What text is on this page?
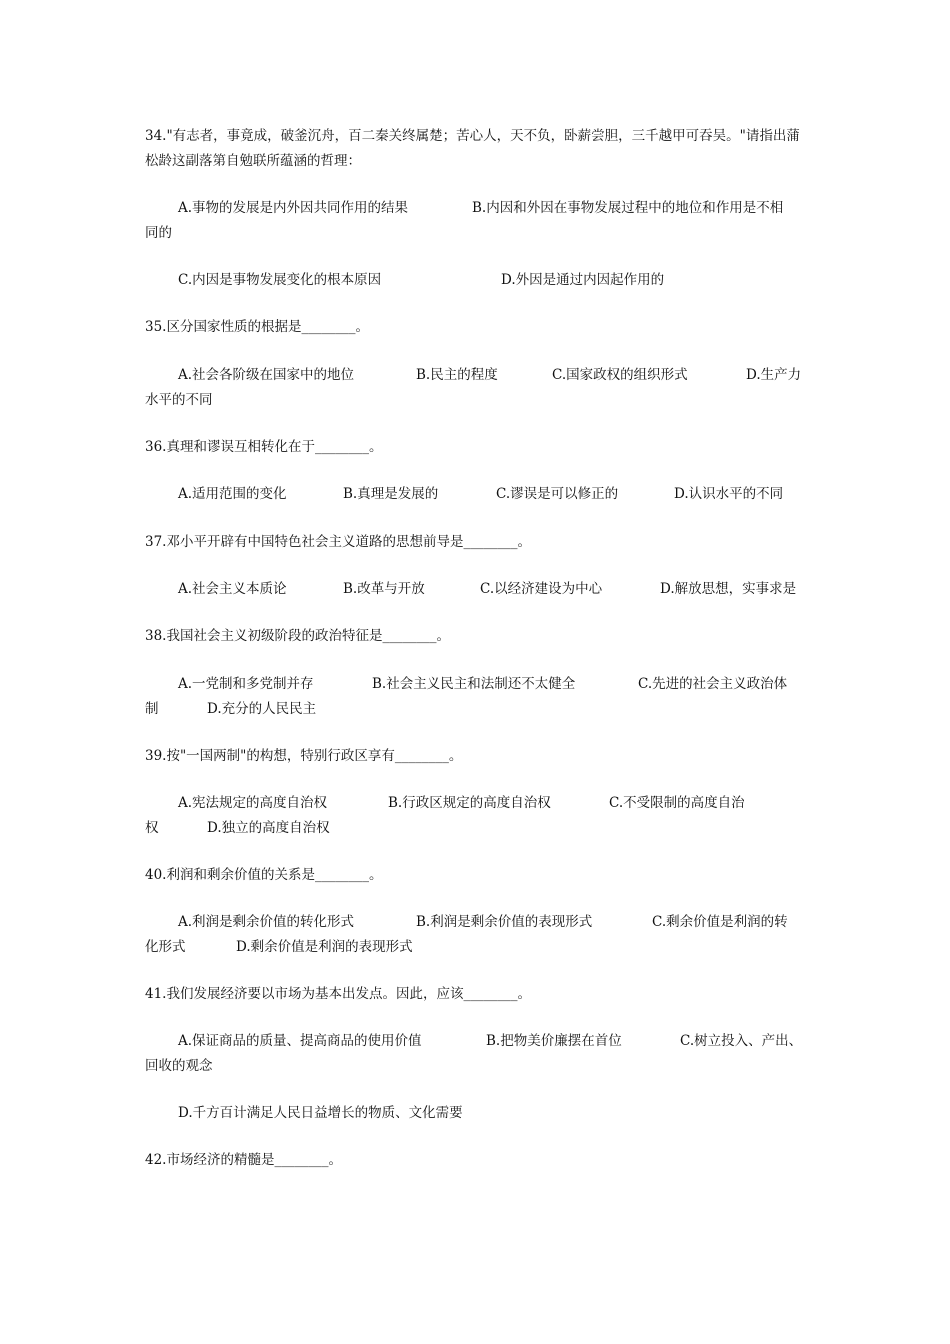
34."有志者，事竟成，破釜沉舟，百二秦关终属楚；苦心人，天不负，卧薪尝胆，三千越甲可吞吴。"请指出蒲
松龄这副落第自勉联所蕴涵的哲理：
A.事物的发展是内外因共同作用的结果	B.内因和外因在事物发展过程中的地位和作用是不相
同的
C.内因是事物发展变化的根本原因	D.外因是通过内因起作用的
35.区分国家性质的根据是________。
A.社会各阶级在国家中的地位	B.民主的程度	C.国家政权的组织形式	D.生产力
水平的不同
36.真理和谬误互相转化在于________。
A.适用范围的变化	B.真理是发展的	C.谬误是可以修正的	D.认识水平的不同
37.邓小平开辟有中国特色社会主义道路的思想前导是________。
A.社会主义本质论	B.改革与开放	C.以经济建设为中心	D.解放思想，实事求是
38.我国社会主义初级阶段的政治特征是________。
A.一党制和多党制并存	B.社会主义民主和法制还不太健全	C.先进的社会主义政治体
制	D.充分的人民民主
39.按"一国两制"的构想，特别行政区享有________。
A.宪法规定的高度自治权	B.行政区规定的高度自治权	C.不受限制的高度自治
权	D.独立的高度自治权
40.利润和剩余价值的关系是________。
A.利润是剩余价值的转化形式	B.利润是剩余价值的表现形式	C.剩余价值是利润的转
化形式	D.剩余价值是利润的表现形式
41.我们发展经济要以市场为基本出发点。因此，应该________。
A.保证商品的质量、提高商品的使用价值	B.把物美价廉摆在首位	C.树立投入、产出、
回收的观念
D.千方百计满足人民日益增长的物质、文化需要
42.市场经济的精髓是________。
